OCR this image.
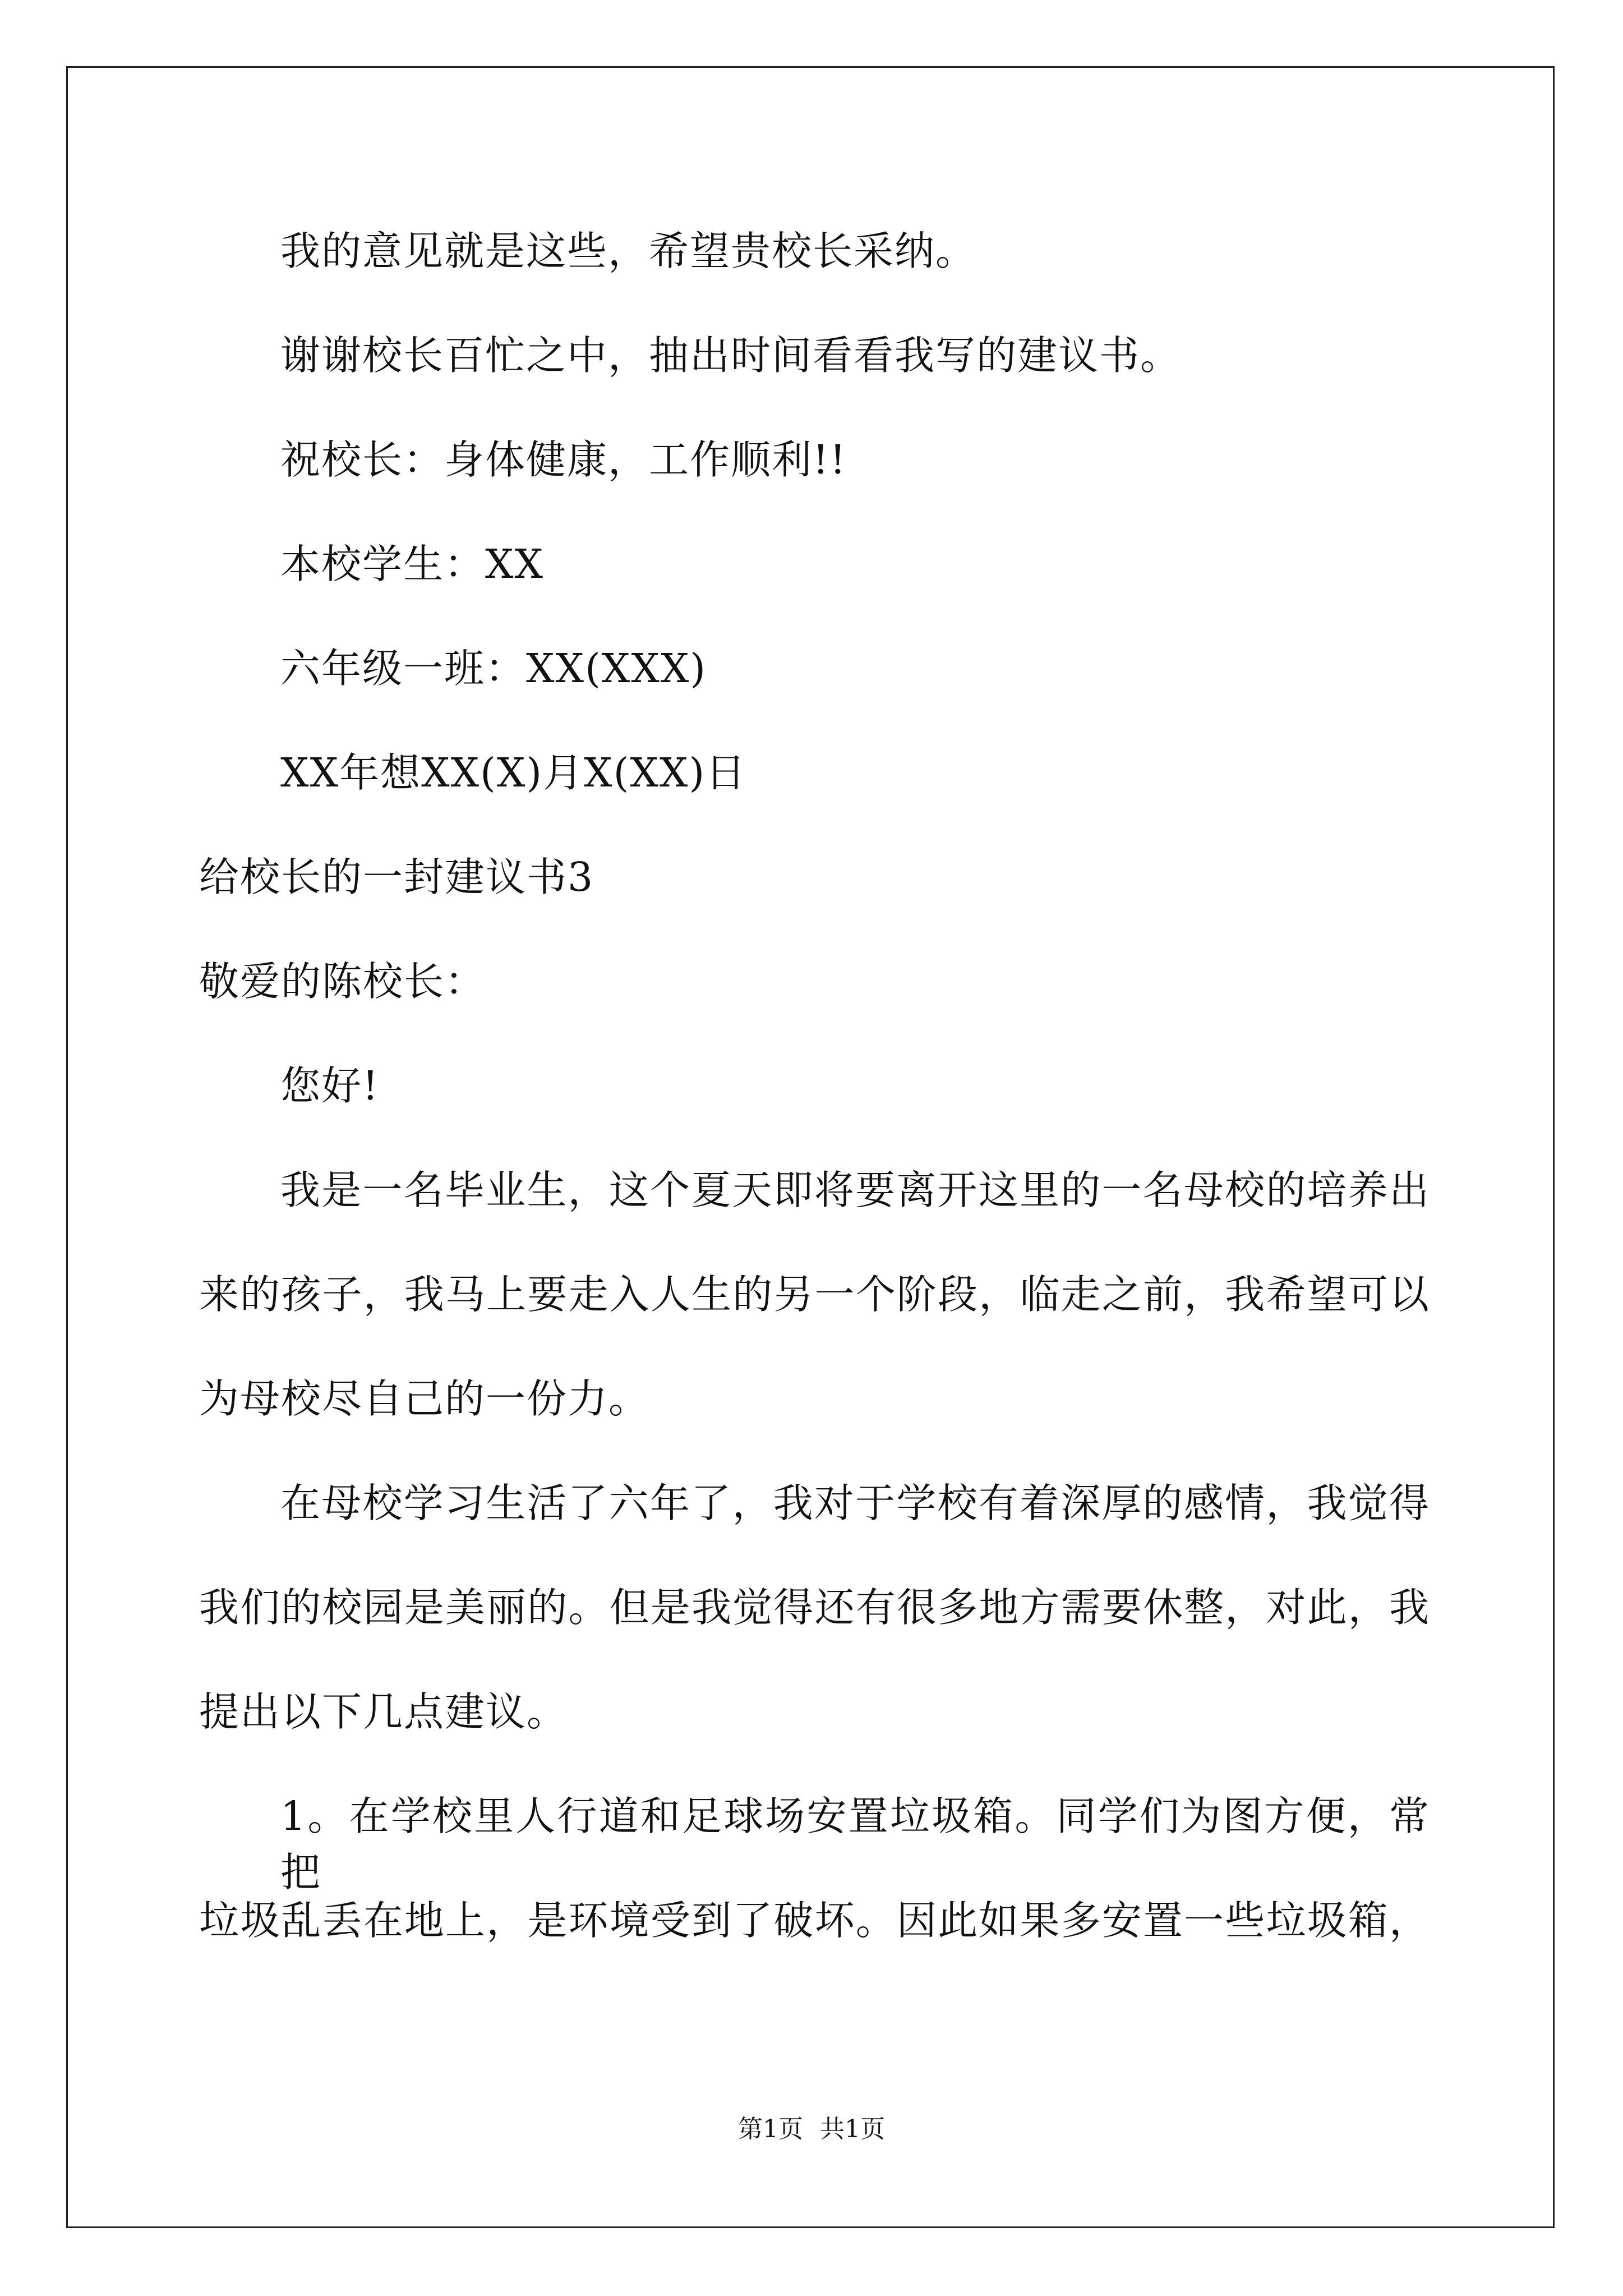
我的意见就是这些，希望贵校长采纳。
谢谢校长百忙之中，抽出时间看看我写的建议书。
祝校长：身体健康，工作顺利!!
本校学生：XX
六年级一班：XX(XXX)
XX年想XX(X)月X(XX)日
给校长的一封建议书3
敬爱的陈校长：
您好!
我是一名毕业生，这个夏天即将要离开这里的一名母校的培养出
来的孩子，我马上要走入人生的另一个阶段，临走之前，我希望可以
为母校尽自己的一份力。
在母校学习生活了六年了，我对于学校有着深厚的感情，我觉得
我们的校园是美丽的。但是我觉得还有很多地方需要休整，对此，我
提出以下几点建议。
1。在学校里人行道和足球场安置垃圾箱。同学们为图方便，常把
垃圾乱丢在地上，是环境受到了破坏。因此如果多安置一些垃圾箱，
第1页 共1页
